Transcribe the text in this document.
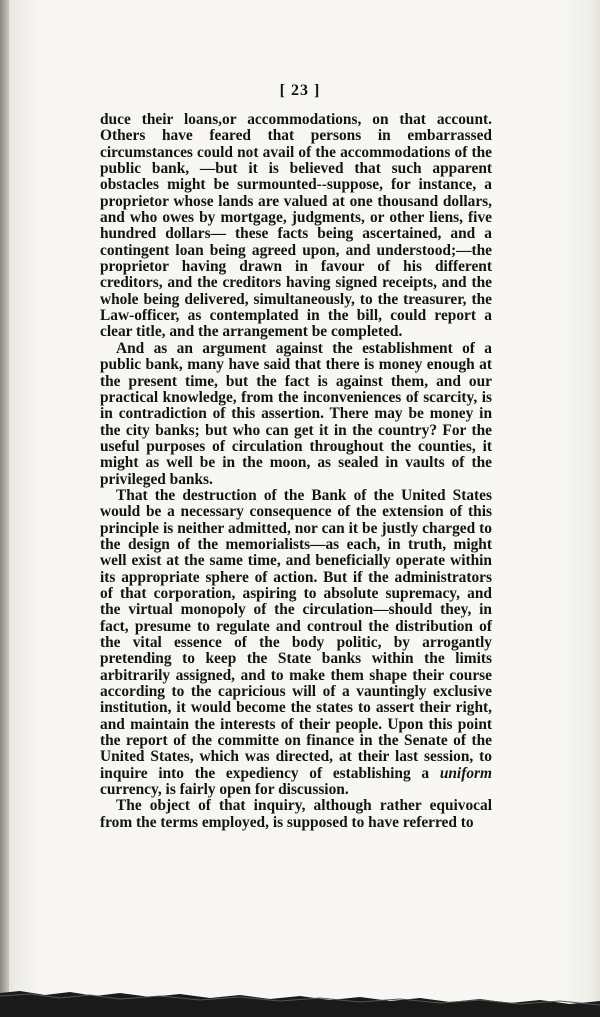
[ 23 ]

duce their loans,or accommodations, on that account. Others have feared that persons in embarrassed circumstances could not avail of the accommodations of the public bank, —but it is believed that such apparent obstacles might be surmounted--suppose, for instance, a proprietor whose lands are valued at one thousand dollars, and who owes by mortgage, judgments, or other liens, five hundred dollars— these facts being ascertained, and a contingent loan being agreed upon, and understood;—the proprietor having drawn in favour of his different creditors, and the creditors having signed receipts, and the whole being delivered, simultaneously, to the treasurer, the Law-officer, as contemplated in the bill, could report a clear title, and the arrangement be completed.

And as an argument against the establishment of a public bank, many have said that there is money enough at the present time, but the fact is against them, and our practical knowledge, from the inconveniences of scarcity, is in contradiction of this assertion. There may be money in the city banks; but who can get it in the country? For the useful purposes of circulation throughout the counties, it might as well be in the moon, as sealed in vaults of the privileged banks.

That the destruction of the Bank of the United States would be a necessary consequence of the extension of this principle is neither admitted, nor can it be justly charged to the design of the memorialists—as each, in truth, might well exist at the same time, and beneficially operate within its appropriate sphere of action. But if the administrators of that corporation, aspiring to absolute supremacy, and the virtual monopoly of the circulation—should they, in fact, presume to regulate and controul the distribution of the vital essence of the body politic, by arrogantly pretending to keep the State banks within the limits arbitrarily assigned, and to make them shape their course according to the capricious will of a vauntingly exclusive institution, it would become the states to assert their right, and maintain the interests of their people. Upon this point the report of the committe on finance in the Senate of the United States, which was directed, at their last session, to inquire into the expediency of establishing a uniform currency, is fairly open for discussion.

The object of that inquiry, although rather equivocal from the terms employed, is supposed to have referred to
